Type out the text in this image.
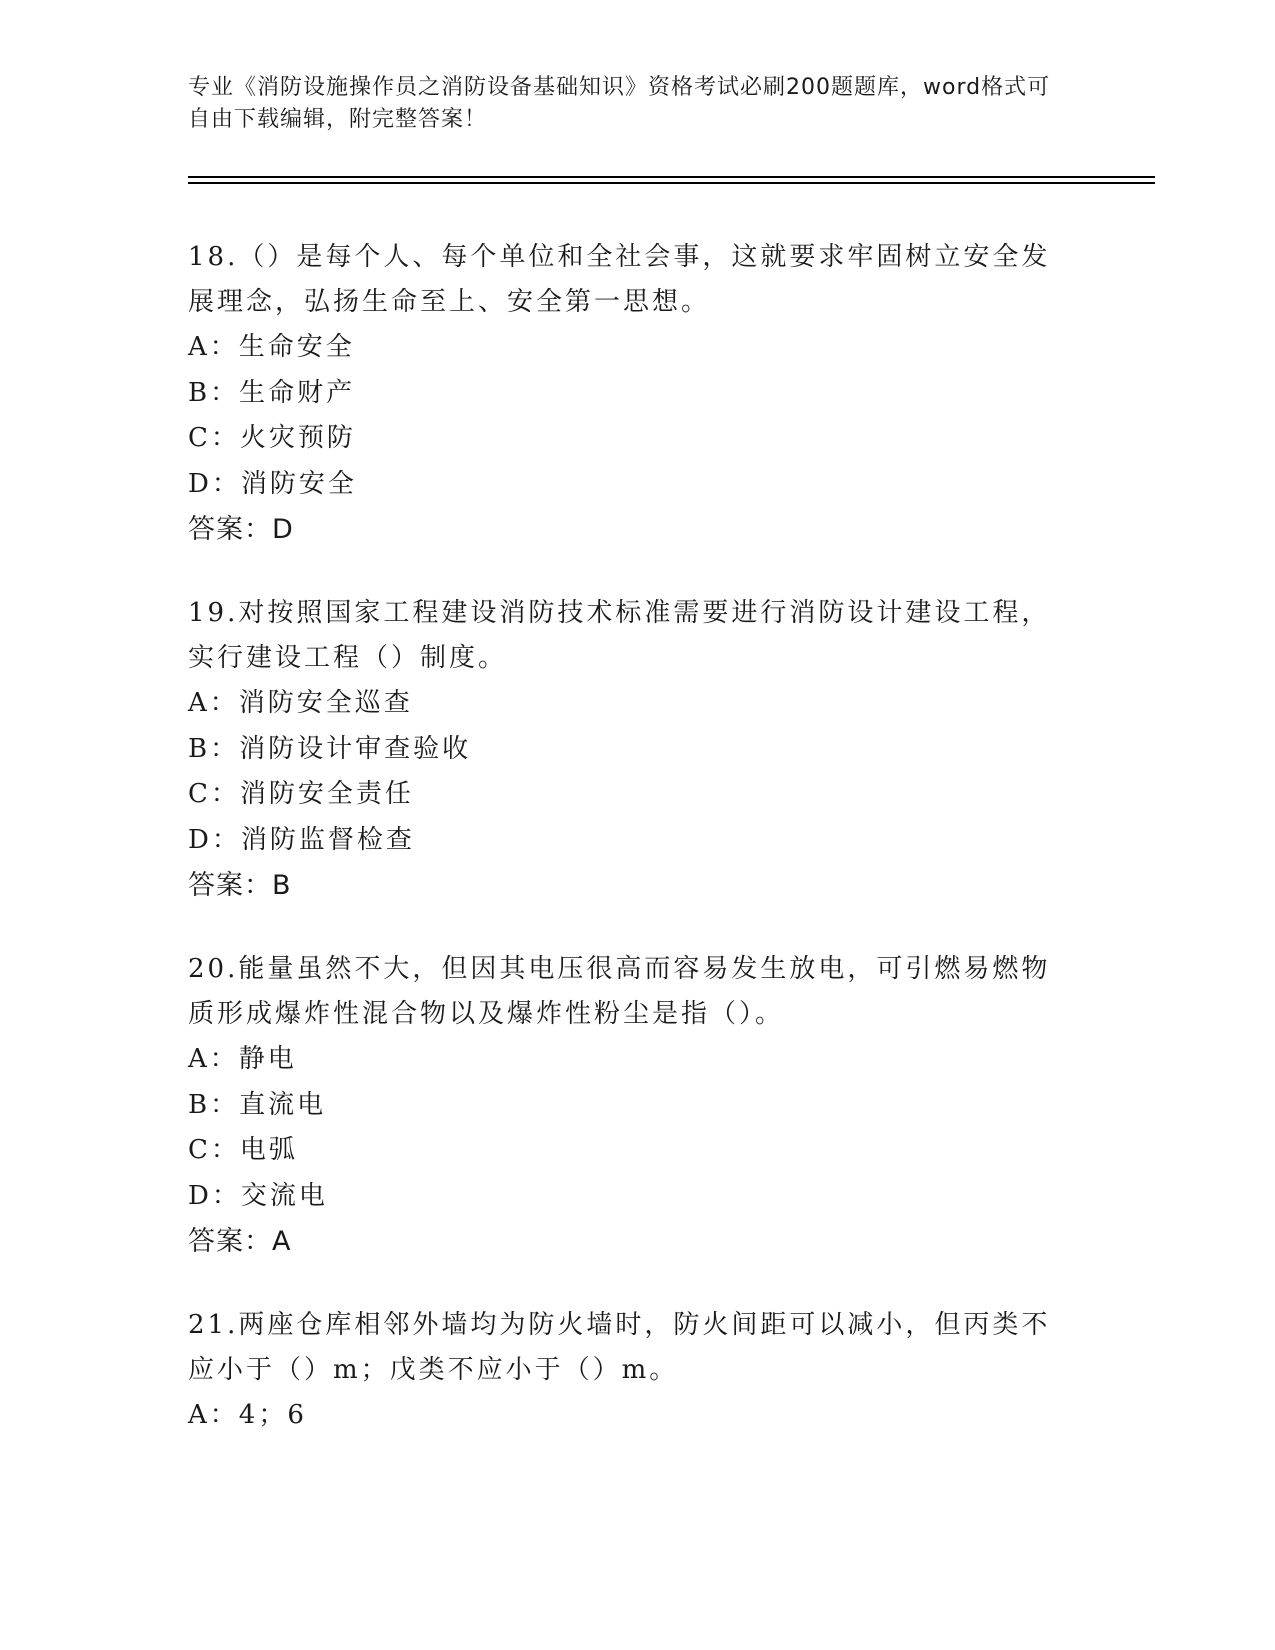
专业《消防设施操作员之消防设备基础知识》资格考试必刷200题题库，word格式可自由下载编辑，附完整答案！
18.（）是每个人、每个单位和全社会事，这就要求牢固树立安全发展理念，弘扬生命至上、安全第一思想。
A：生命安全
B：生命财产
C：火灾预防
D：消防安全
答案：D
19.对按照国家工程建设消防技术标准需要进行消防设计建设工程，实行建设工程（）制度。
A：消防安全巡查
B：消防设计审查验收
C：消防安全责任
D：消防监督检查
答案：B
20.能量虽然不大，但因其电压很高而容易发生放电，可引燃易燃物质形成爆炸性混合物以及爆炸性粉尘是指（）。
A：静电
B：直流电
C：电弧
D：交流电
答案：A
21.两座仓库相邻外墙均为防火墙时，防火间距可以减小，但丙类不应小于（）m；戊类不应小于（）m。
A：4；6
